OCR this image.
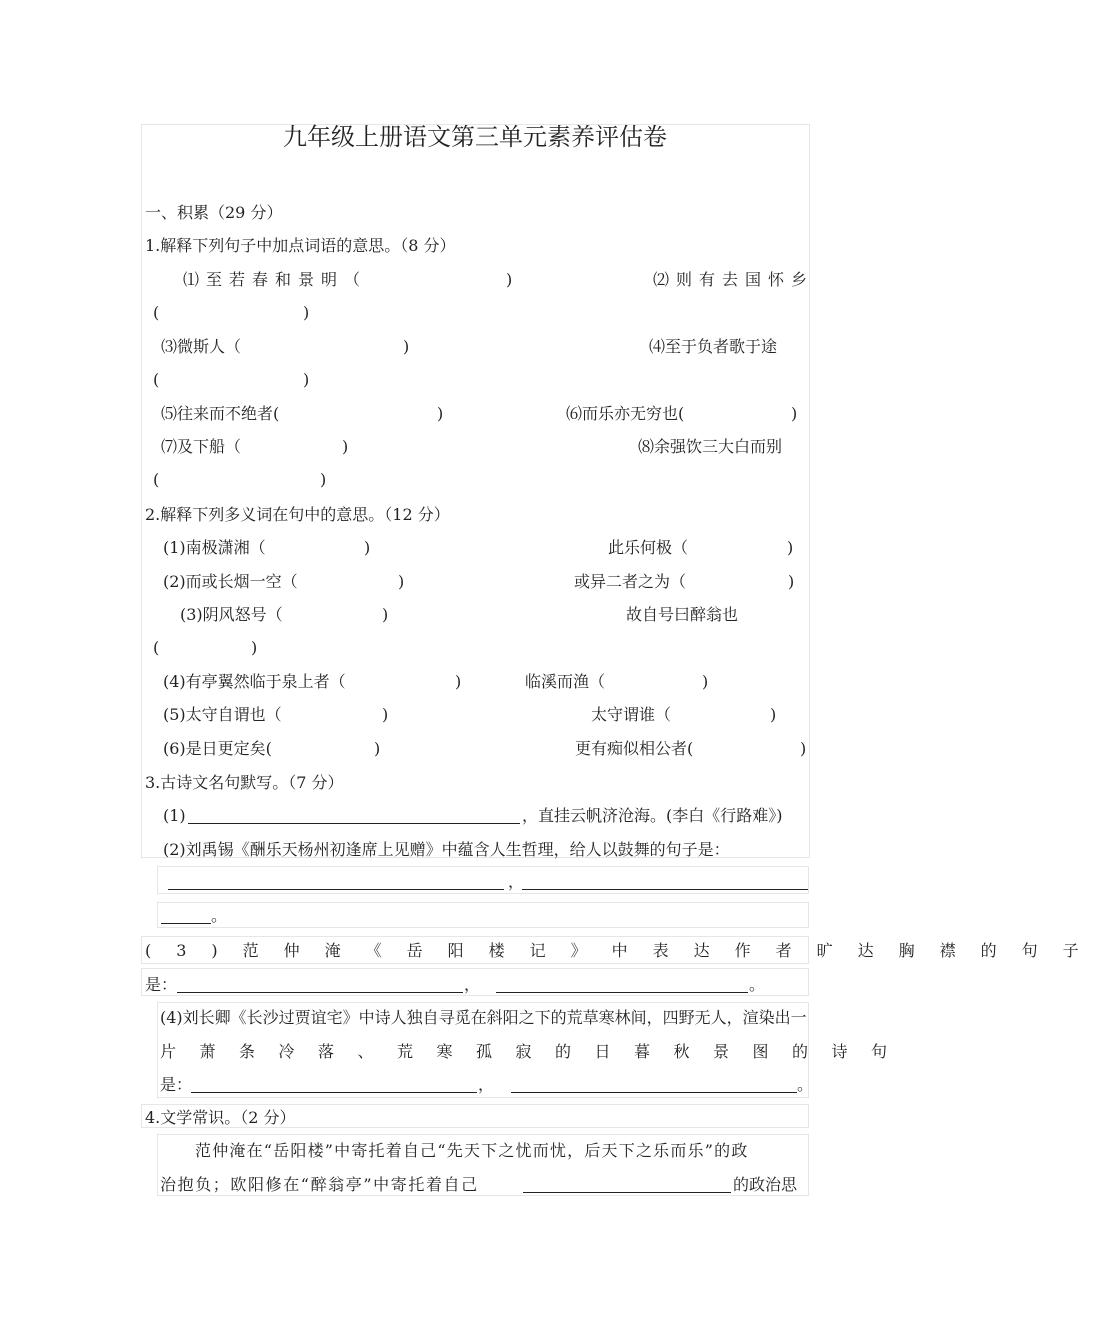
九年级上册语文第三单元素养评估卷
一、积累（29 分）
1.解释下列句子中加点词语的意思。（8 分）
⑴至若春和景明（	)	⑵则有去国怀乡
(	)
⑶微斯人（	)	⑷至于负者歌于途
(	)
⑸往来而不绝者(	)	⑹而乐亦无穷也(	)
⑺及下船（	)	⑻余强饮三大白而别
(	)
2.解释下列多义词在句中的意思。（12 分）
(1)南极潇湘（	)	此乐何极（	)
(2)而或长烟一空（	)	或异二者之为（	)
(3)阴风怒号（	)	故自号曰醉翁也
(	)
(4)有亭翼然临于泉上者（	)	临溪而渔（	)
(5)太守自谓也（	)	太守谓谁（	)
(6)是日更定矣(	)	更有痴似相公者(	)
3.古诗文名句默写。（7 分）
(1)	，直挂云帆济沧海。(李白《行路难》)
(2)刘禹锡《酬乐天杨州初逢席上见赠》中蕴含人生哲理，给人以鼓舞的句子是：
，
。
(3)范仲淹《岳阳楼记》中表达作者旷达胸襟的句子
是：	，	。
(4)刘长卿《长沙过贾谊宅》中诗人独自寻觅在斜阳之下的荒草寒林间，四野无人，渲染出一
片萧条冷落、荒寒孤寂的日暮秋景图的诗句
是：	，	。
4.文学常识。（2 分）
范仲淹在“岳阳楼”中寄托着自己“先天下之忧而忧，后天下之乐而乐”的政
治抱负；欧阳修在“醉翁亭”中寄托着自己	的政治思
